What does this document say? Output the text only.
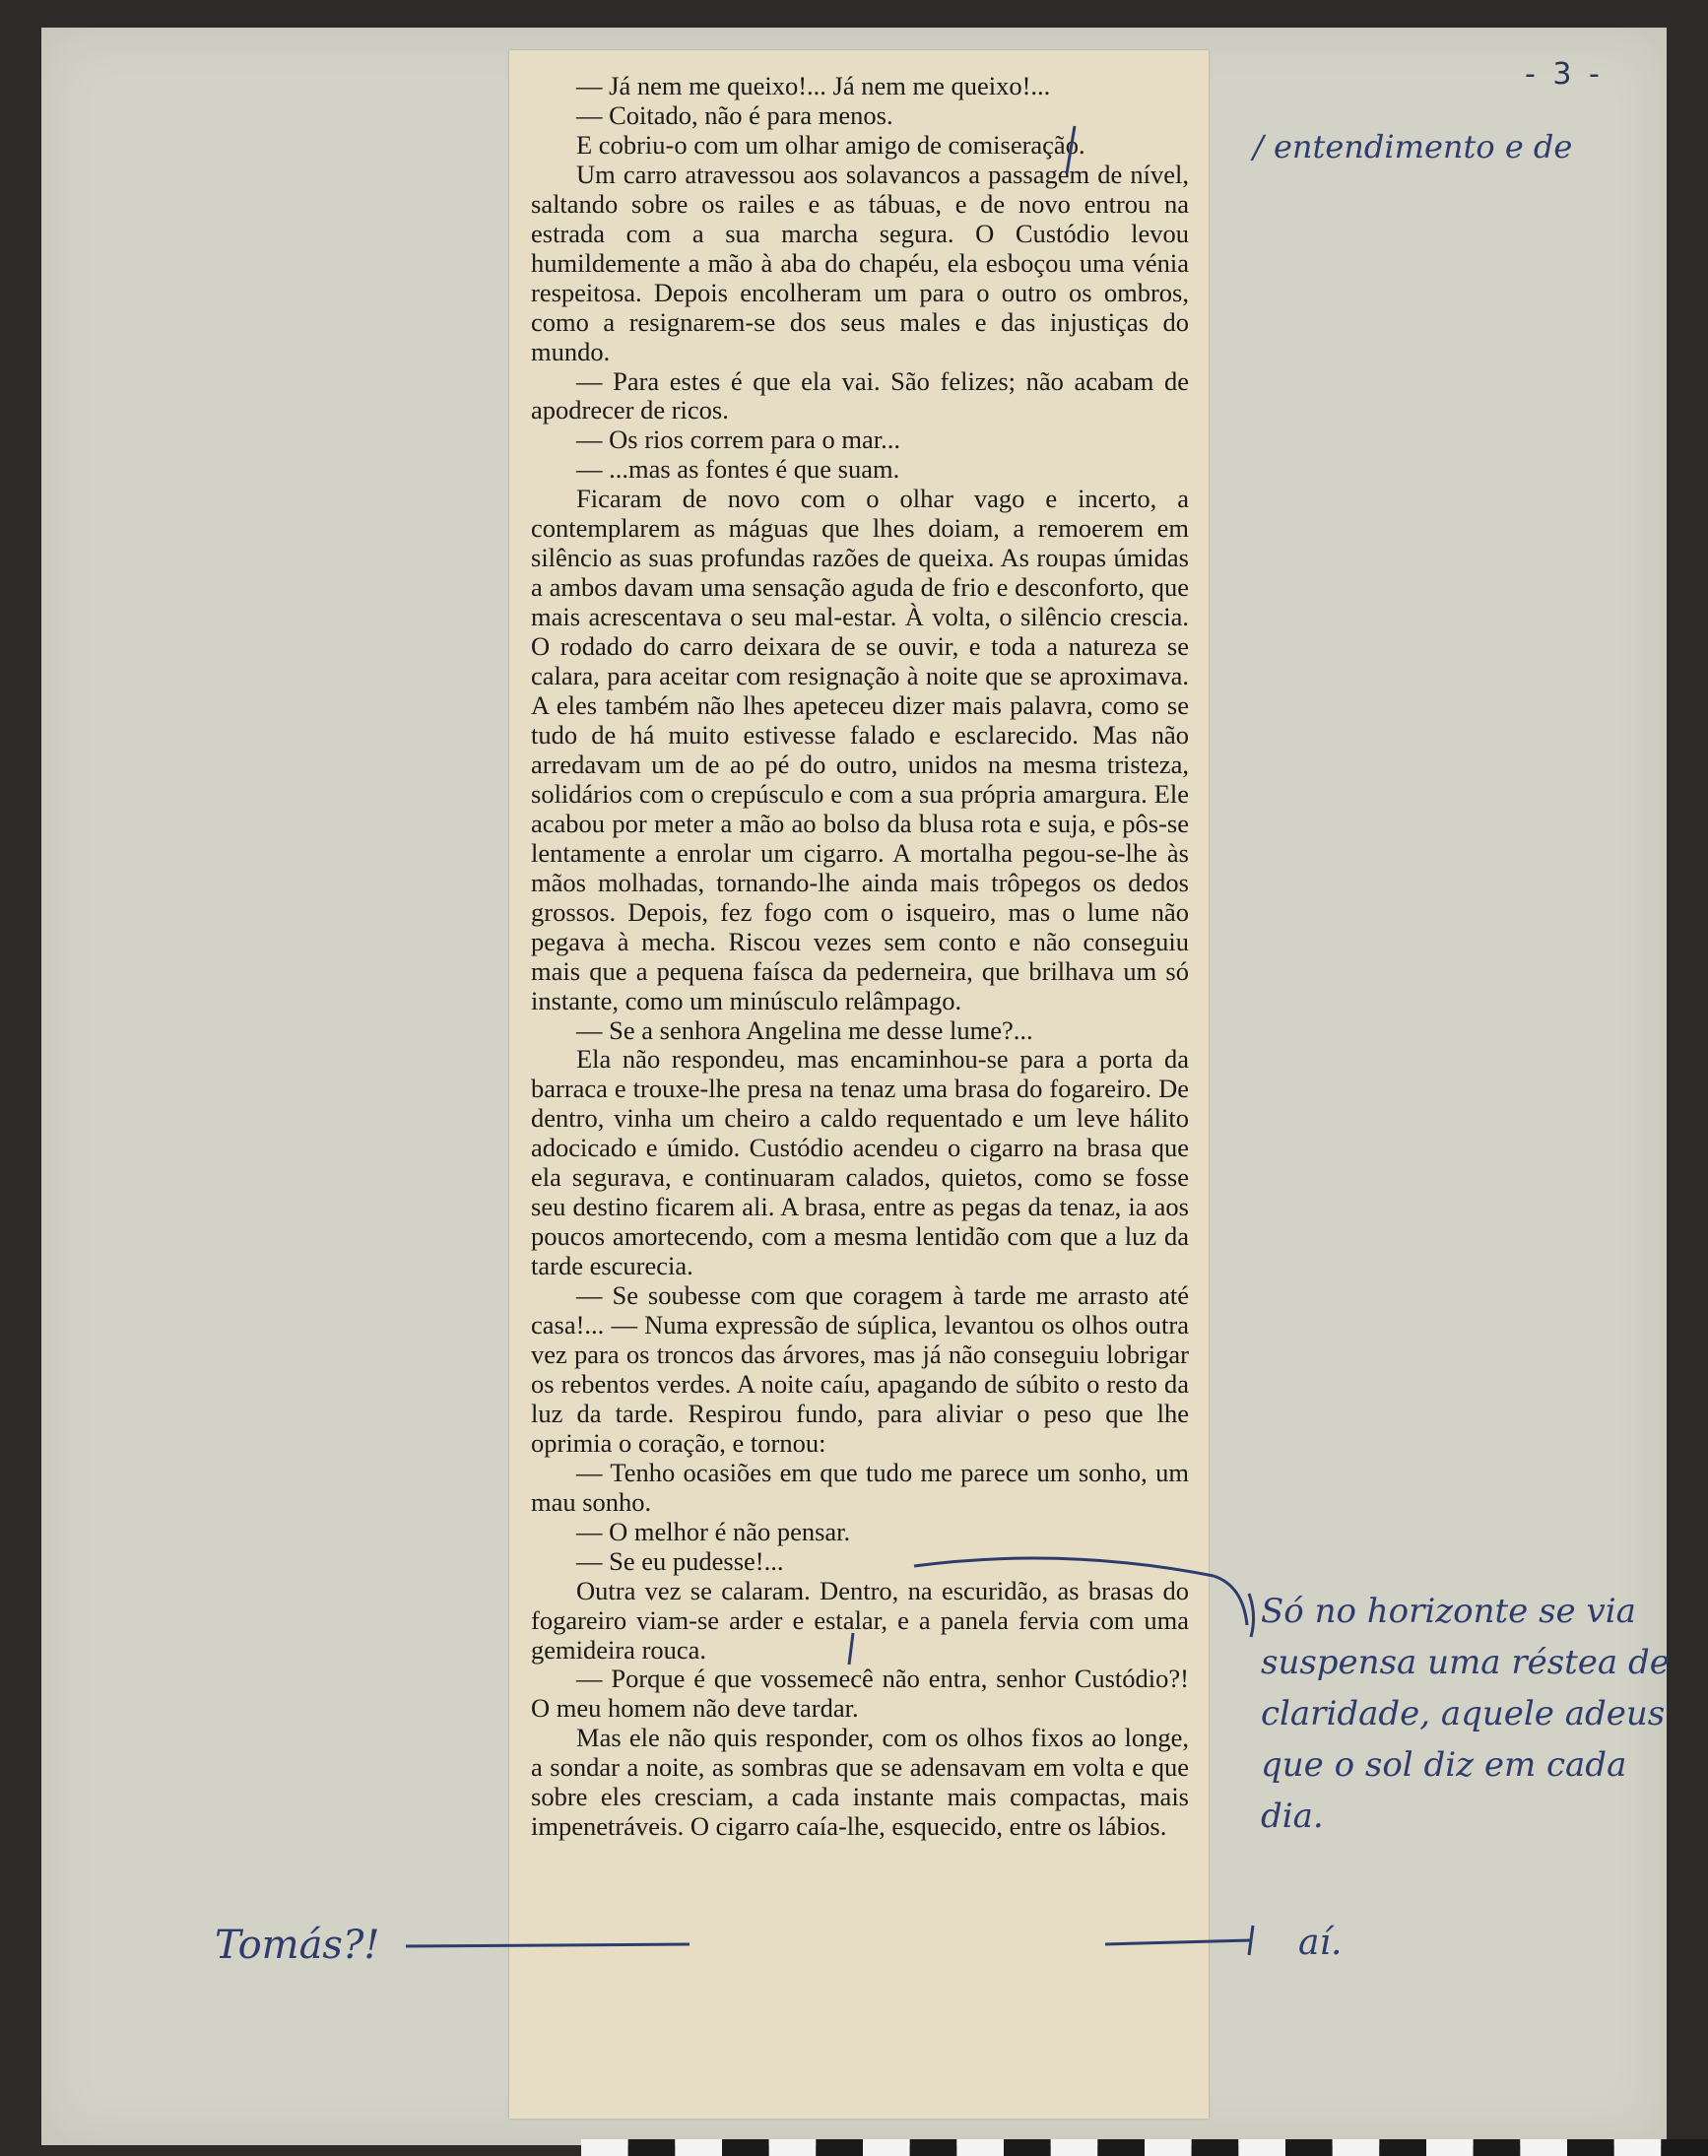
- 3 -

— Já nem me queixo!... Já nem me queixo!...

— Coitado, não é para menos.

E cobriu-o com um olhar amigo de comiseração.

Um carro atravessou aos solavancos a passagem de nível, saltando sobre os railes e as tábuas, e de novo entrou na estrada com a sua marcha segura. O Custódio levou humildemente a mão à aba do chapéu, ela esboçou uma vénia respeitosa. Depois encolheram um para o outro os ombros, como a resignarem-se dos seus males e das injustiças do mundo.

— Para estes é que ela vai. São felizes; não acabam de apodrecer de ricos.

— Os rios correm para o mar...

— ...mas as fontes é que suam.

Ficaram de novo com o olhar vago e incerto, a contemplarem as máguas que lhes doiam, a remoerem em silêncio as suas profundas razões de queixa. As roupas úmidas a ambos davam uma sensação aguda de frio e desconforto, que mais acrescentava o seu mal-estar. À volta, o silêncio crescia. O rodado do carro deixara de se ouvir, e toda a natureza se calara, para aceitar com resignação à noite que se aproximava. A eles também não lhes apeteceu dizer mais palavra, como se tudo de há muito estivesse falado e esclarecido. Mas não arredavam um de ao pé do outro, unidos na mesma tristeza, solidários com o crepúsculo e com a sua própria amargura. Ele acabou por meter a mão ao bolso da blusa rota e suja, e pôs-se lentamente a enrolar um cigarro. A mortalha pegou-se-lhe às mãos molhadas, tornando-lhe ainda mais trôpegos os dedos grossos. Depois, fez fogo com o isqueiro, mas o lume não pegava à mecha. Riscou vezes sem conto e não conseguiu mais que a pequena faísca da pederneira, que brilhava um só instante, como um minúsculo relâmpago.

— Se a senhora Angelina me desse lume?...

Ela não respondeu, mas encaminhou-se para a porta da barraca e trouxe-lhe presa na tenaz uma brasa do fogareiro. De dentro, vinha um cheiro a caldo requentado e um leve hálito adocicado e úmido. Custódio acendeu o cigarro na brasa que ela segurava, e continuaram calados, quietos, como se fosse seu destino ficarem ali. A brasa, entre as pegas da tenaz, ia aos poucos amortecendo, com a mesma lentidão com que a luz da tarde escurecia.

— Se soubesse com que coragem à tarde me arrasto até casa!... — Numa expressão de súplica, levantou os olhos outra vez para os troncos das árvores, mas já não conseguiu lobrigar os rebentos verdes. A noite caíu, apagando de súbito o resto da luz da tarde. Respirou fundo, para aliviar o peso que lhe oprimia o coração, e tornou:

— Tenho ocasiões em que tudo me parece um sonho, um mau sonho.

— O melhor é não pensar.

— Se eu pudesse!...

Outra vez se calaram. Dentro, na escuridão, as brasas do fogareiro viam-se arder e estalar, e a panela fervia com uma gemideira rouca.

— Porque é que vossemecê não entra, senhor Custódio?! O meu homem não deve tardar.

Mas ele não quis responder, com os olhos fixos ao longe, a sondar a noite, as sombras que se adensavam em volta e que sobre eles cresciam, a cada instante mais compactas, mais impenetráveis. O cigarro caía-lhe, esquecido, entre os lábios.

/ entendimento e de
Só no horizonte se via suspensa uma réstea de claridade, aquele adeus que o sol diz em cada dia.
Tomás?!	aí.
